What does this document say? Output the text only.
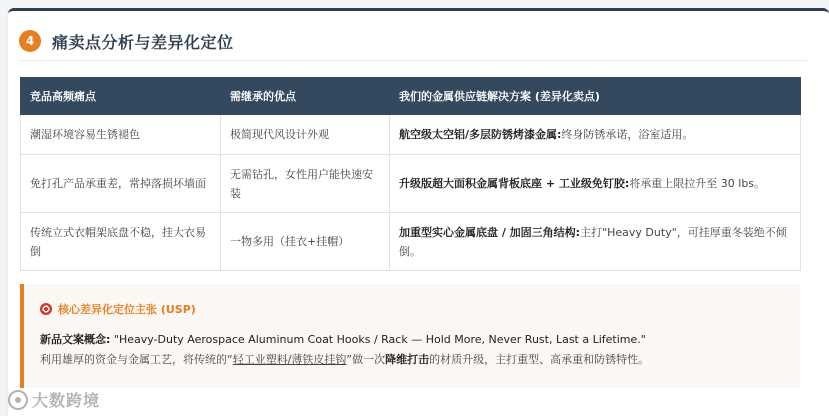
4	痛卖点分析与差异化定位
竞品高频痛点	需继承的优点	我们的金属供应链解决方案 (差异化卖点)
潮湿环境容易生锈褪色	极简现代风设计外观	航空级太空铝/多层防锈烤漆金属:终身防锈承诺，浴室适用。
免打孔产品承重差，常掉落损坏墙面	无需钻孔，女性用户能快速安装	升级版超大面积金属背板底座 + 工业级免钉胶:将承重上限拉升至 30 lbs。
传统立式衣帽架底盘不稳，挂大衣易倒	一物多用（挂衣+挂帽）	加重型实心金属底盘 / 加固三角结构:主打"Heavy Duty"，可挂厚重冬装绝不倾倒。
核心差异化定位主张 (USP)
新品文案概念: "Heavy-Duty Aerospace Aluminum Coat Hooks / Rack — Hold More, Never Rust, Last a Lifetime."
利用雄厚的资金与金属工艺，将传统的“轻工业塑料/薄铁皮挂钩”做一次降维打击的材质升级，主打重型、高承重和防锈特性。
大数跨境
